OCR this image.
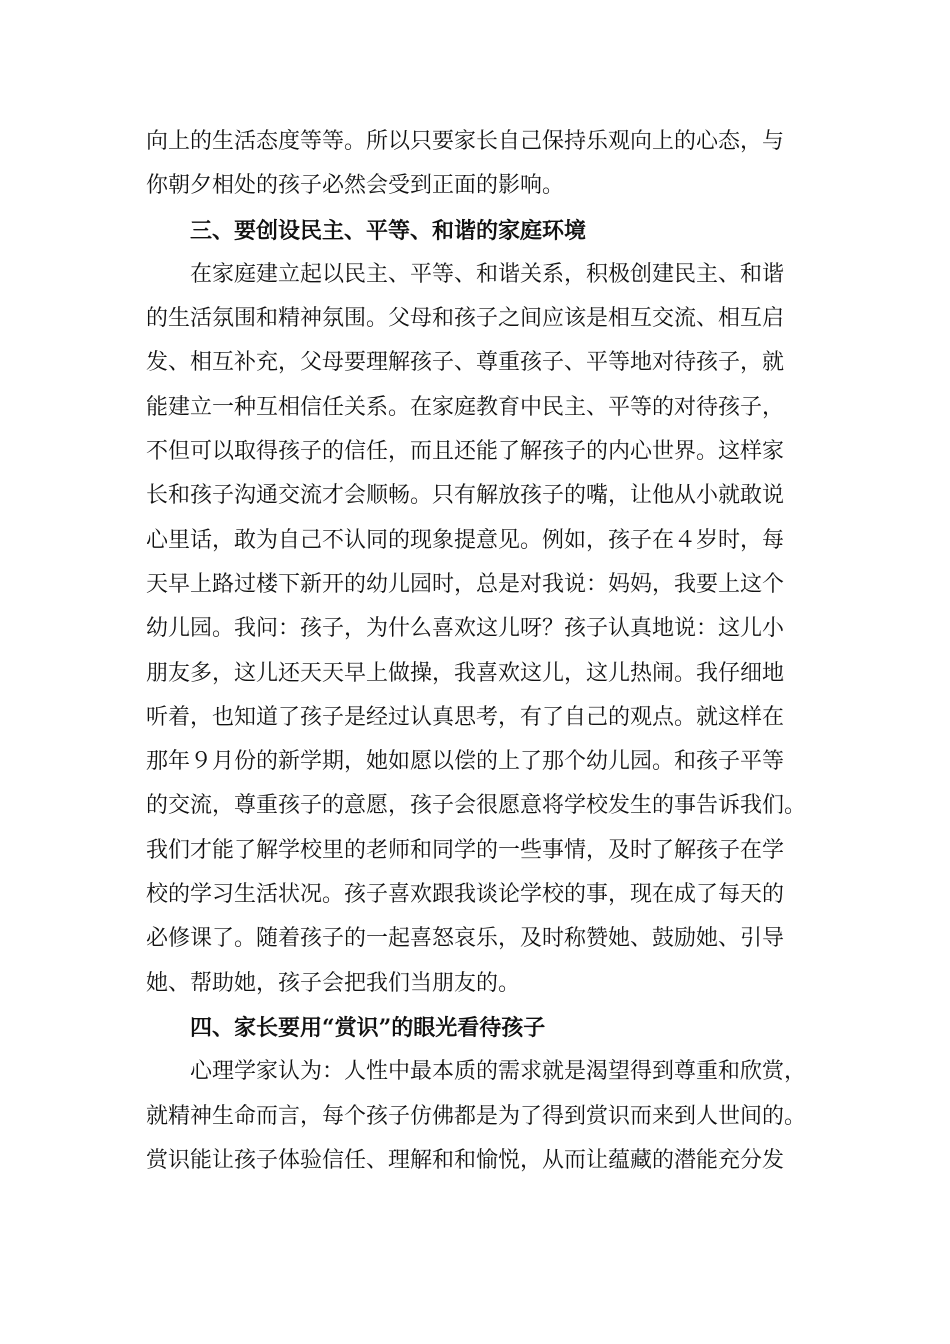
向上的生活态度等等。所以只要家长自己保持乐观向上的心态，与
你朝夕相处的孩子必然会受到正面的影响。
三、要创设民主、平等、和谐的家庭环境
在家庭建立起以民主、平等、和谐关系，积极创建民主、和谐
的生活氛围和精神氛围。父母和孩子之间应该是相互交流、相互启
发、相互补充，父母要理解孩子、尊重孩子、平等地对待孩子，就
能建立一种互相信任关系。在家庭教育中民主、平等的对待孩子，
不但可以取得孩子的信任，而且还能了解孩子的内心世界。这样家
长和孩子沟通交流才会顺畅。只有解放孩子的嘴，让他从小就敢说
心里话，敢为自己不认同的现象提意见。例如，孩子在４岁时，每
天早上路过楼下新开的幼儿园时，总是对我说：妈妈，我要上这个
幼儿园。我问：孩子，为什么喜欢这儿呀？孩子认真地说：这儿小
朋友多，这儿还天天早上做操，我喜欢这儿，这儿热闹。我仔细地
听着，也知道了孩子是经过认真思考，有了自己的观点。就这样在
那年９月份的新学期，她如愿以偿的上了那个幼儿园。和孩子平等
的交流，尊重孩子的意愿，孩子会很愿意将学校发生的事告诉我们。
我们才能了解学校里的老师和同学的一些事情，及时了解孩子在学
校的学习生活状况。孩子喜欢跟我谈论学校的事，现在成了每天的
必修课了。随着孩子的一起喜怒哀乐，及时称赞她、鼓励她、引导
她、帮助她，孩子会把我们当朋友的。
四、家长要用“赏识”的眼光看待孩子
心理学家认为：人性中最本质的需求就是渴望得到尊重和欣赏，
就精神生命而言，每个孩子仿佛都是为了得到赏识而来到人世间的。
赏识能让孩子体验信任、理解和和愉悦，从而让蕴藏的潜能充分发
